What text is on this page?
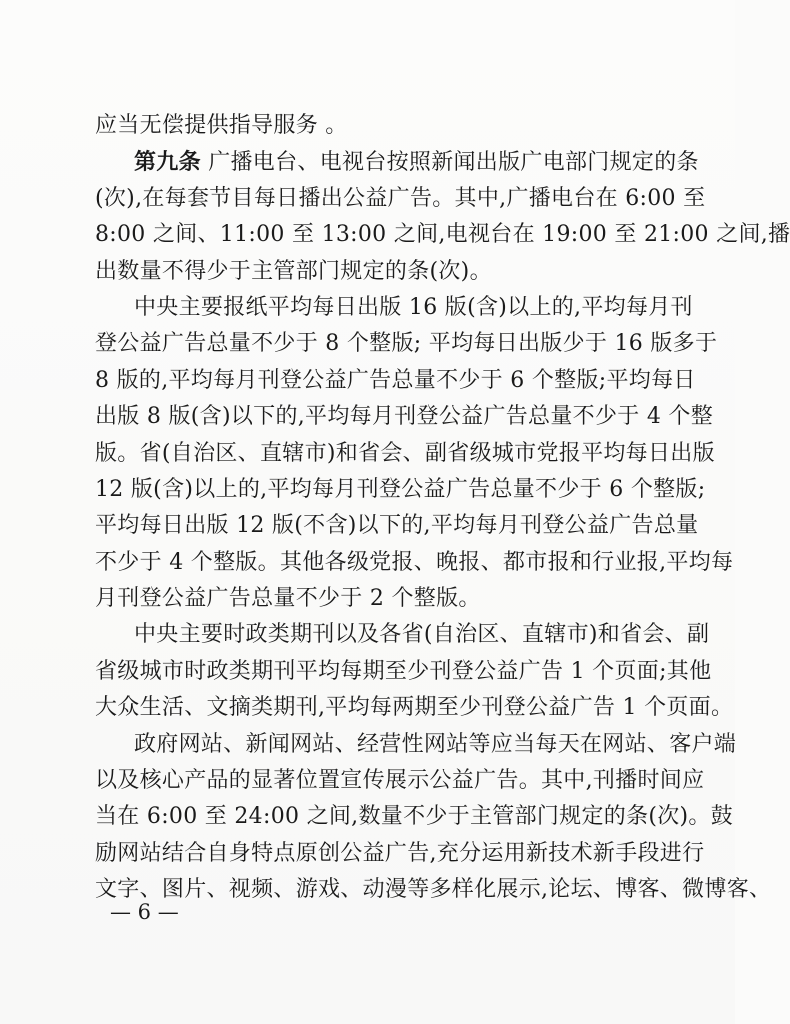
应当无偿提供指导服务 。
第九条 广播电台、电视台按照新闻出版广电部门规定的条
(次),在每套节目每日播出公益广告。其中,广播电台在 6:00 至
8:00 之间、11:00 至 13:00 之间,电视台在 19:00 至 21:00 之间,播
出数量不得少于主管部门规定的条(次)。
中央主要报纸平均每日出版 16 版(含)以上的,平均每月刊
登公益广告总量不少于 8 个整版; 平均每日出版少于 16 版多于
8 版的,平均每月刊登公益广告总量不少于 6 个整版;平均每日
出版 8 版(含)以下的,平均每月刊登公益广告总量不少于 4 个整
版。省(自治区、直辖市)和省会、副省级城市党报平均每日出版
12 版(含)以上的,平均每月刊登公益广告总量不少于 6 个整版;
平均每日出版 12 版(不含)以下的,平均每月刊登公益广告总量
不少于 4 个整版。其他各级党报、晚报、都市报和行业报,平均每
月刊登公益广告总量不少于 2 个整版。
中央主要时政类期刊以及各省(自治区、直辖市)和省会、副
省级城市时政类期刊平均每期至少刊登公益广告 1 个页面;其他
大众生活、文摘类期刊,平均每两期至少刊登公益广告 1 个页面。
政府网站、新闻网站、经营性网站等应当每天在网站、客户端
以及核心产品的显著位置宣传展示公益广告。其中,刊播时间应
当在 6:00 至 24:00 之间,数量不少于主管部门规定的条(次)。鼓
励网站结合自身特点原创公益广告,充分运用新技术新手段进行
文字、图片、视频、游戏、动漫等多样化展示,论坛、博客、微博客、
— 6 —
